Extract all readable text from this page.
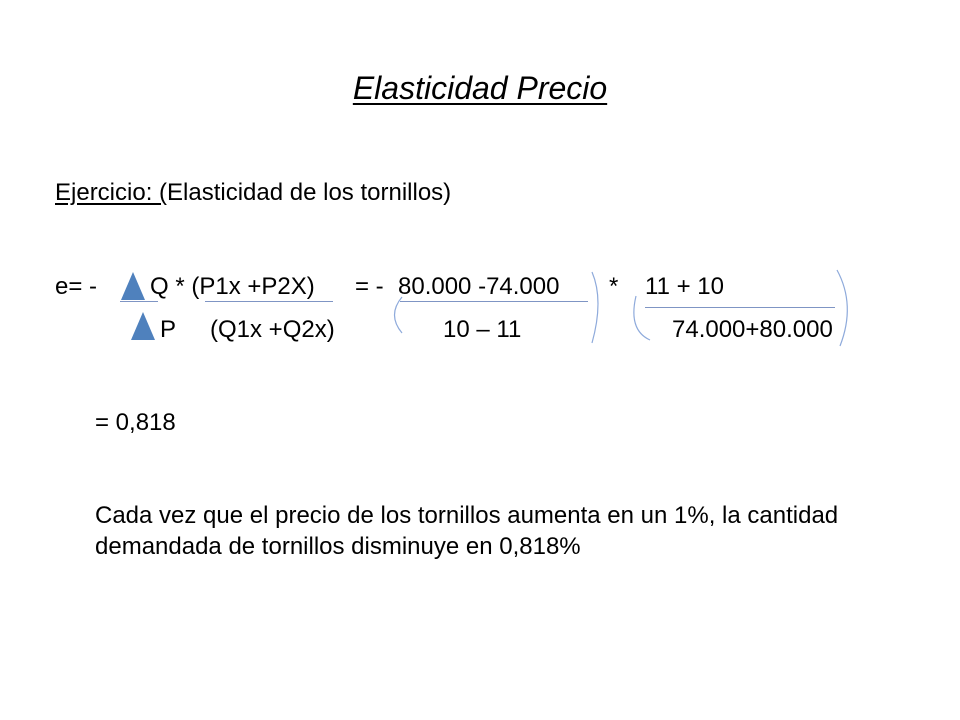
Elasticidad Precio
Ejercicio: (Elasticidad de los tornillos)
e= - Q * (P1x +P2X) = - 80.000 -74.000 * 11 + 10
P (Q1x +Q2x)	10 – 11	74.000+80.000
= 0,818
Cada vez que el precio de los tornillos aumenta en un 1%, la cantidad demandada de tornillos disminuye en 0,818%
